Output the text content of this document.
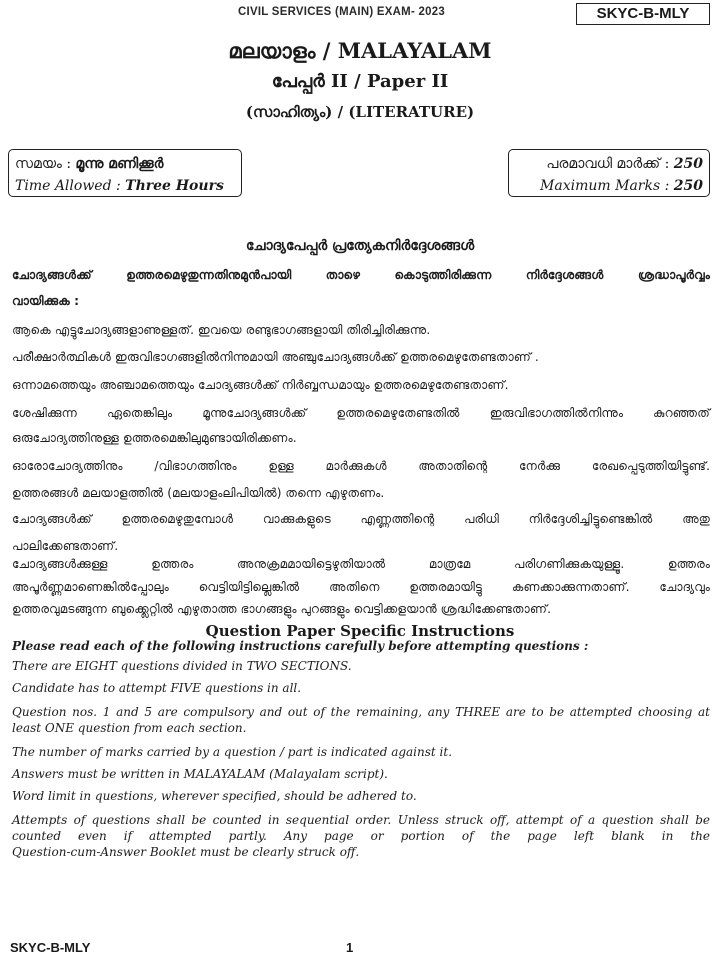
CIVIL SERVICES (MAIN) EXAM- 2023	SKYC-B-MLY
മലയാളം / MALAYALAM
പേപ്പർ II / Paper II
(സാഹിത്യം) / (LITERATURE)
സമയം : മൂന്നു മണിക്കൂർ
Time Allowed : Three Hours
പരമാവധി മാർക്ക് : 250
Maximum Marks : 250
ചോദ്യപേപ്പർ പ്രത്യേകനിർദ്ദേശങ്ങൾ
ചോദ്യങ്ങൾക്ക് ഉത്തരമെഴുതുന്നതിനുമുൻപായി താഴെ കൊടുത്തിരിക്കുന്ന നിർദ്ദേശങ്ങൾ ശ്രദ്ധാപൂർവ്വം
വായിക്കുക :
ആകെ എട്ടുചോദ്യങ്ങളാണുള്ളത്. ഇവയെ രണ്ടുഭാഗങ്ങളായി തിരിച്ചിരിക്കുന്നു.
പരീക്ഷാർത്ഥികൾ ഇരുവിഭാഗങ്ങളിൽനിന്നുമായി അഞ്ചുചോദ്യങ്ങൾക്ക് ഉത്തരമെഴുതേണ്ടതാണ് .
ഒന്നാമത്തെയും അഞ്ചാമത്തെയും ചോദ്യങ്ങൾക്ക് നിർബ്ബന്ധമായും ഉത്തരമെഴുതേണ്ടതാണ്.
ശേഷിക്കുന്ന ഏതെങ്കിലും മൂന്നുചോദ്യങ്ങൾക്ക് ഉത്തരമെഴുതേണ്ടതിൽ ഇരുവിഭാഗത്തിൽനിന്നും കുറഞ്ഞത്
ഒരുചോദ്യത്തിനുള്ള ഉത്തരമെങ്കിലുമുണ്ടായിരിക്കണം.
ഓരോചോദ്യത്തിനും /വിഭാഗത്തിനും ഉള്ള മാർക്കുകൾ അതാതിന്റെ നേർക്കു രേഖപ്പെടുത്തിയിട്ടുണ്ട്.
ഉത്തരങ്ങൾ മലയാളത്തിൽ (മലയാളംലിപിയിൽ) തന്നെ എഴുതണം.
ചോദ്യങ്ങൾക്ക് ഉത്തരമെഴുതുമ്പോൾ വാക്കുകളുടെ എണ്ണത്തിന്റെ പരിധി നിർദ്ദേശിച്ചിട്ടുണ്ടെങ്കിൽ അതു
പാലിക്കേണ്ടതാണ്.
ചോദ്യങ്ങൾക്കുള്ള ഉത്തരം അനുക്രമമായിട്ടെഴുതിയാൽ മാത്രമേ പരിഗണിക്കുകയുള്ളൂ. ഉത്തരം
അപൂർണ്ണമാണെങ്കിൽപ്പോലും വെട്ടിയിട്ടില്ലെങ്കിൽ അതിനെ ഉത്തരമായിട്ടു കണക്കാക്കുന്നതാണ്. ചോദ്യവും
ഉത്തരവുമടങ്ങുന്ന ബുക്ക്ലെറ്റിൽ എഴുതാത്ത ഭാഗങ്ങളും പുറങ്ങളും വെട്ടിക്കളയാൻ ശ്രദ്ധിക്കേണ്ടതാണ്.
Question Paper Specific Instructions
Please read each of the following instructions carefully before attempting questions :
There are EIGHT questions divided in TWO SECTIONS.
Candidate has to attempt FIVE questions in all.
Question nos. 1 and 5 are compulsory and out of the remaining, any THREE are to be attempted choosing at
least ONE question from each section.
The number of marks carried by a question / part is indicated against it.
Answers must be written in MALAYALAM (Malayalam script).
Word limit in questions, wherever specified, should be adhered to.
Attempts of questions shall be counted in sequential order. Unless struck off, attempt of a question shall be
counted even if attempted partly. Any page or portion of the page left blank in the
Question-cum-Answer Booklet must be clearly struck off.
SKYC-B-MLY	1
